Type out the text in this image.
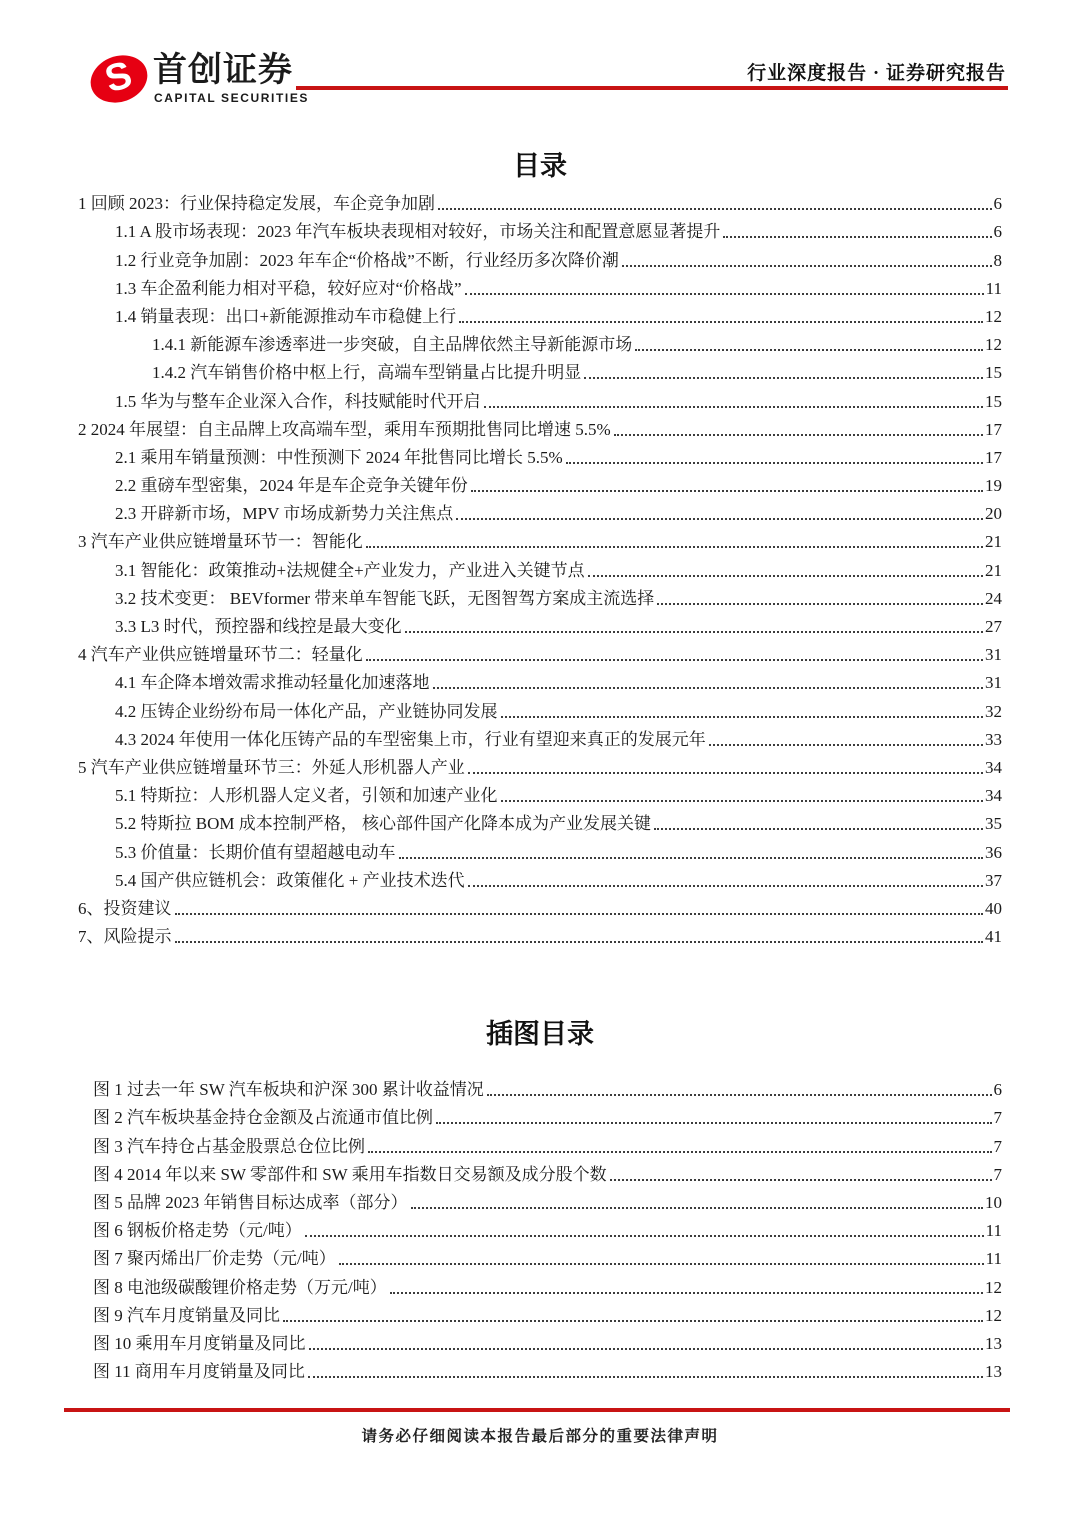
S 首创证券
CAPITAL SECURITIES
行业深度报告 · 证券研究报告
目录
1 回顾 2023：行业保持稳定发展，车企竞争加剧	6
1.1 A 股市场表现：2023 年汽车板块表现相对较好，市场关注和配置意愿显著提升	6
1.2 行业竞争加剧：2023 年车企“价格战”不断，行业经历多次降价潮	8
1.3 车企盈利能力相对平稳，较好应对“价格战”	11
1.4 销量表现：出口+新能源推动车市稳健上行	12
1.4.1 新能源车渗透率进一步突破，自主品牌依然主导新能源市场	12
1.4.2 汽车销售价格中枢上行，高端车型销量占比提升明显	15
1.5 华为与整车企业深入合作，科技赋能时代开启	15
2 2024 年展望：自主品牌上攻高端车型，乘用车预期批售同比增速 5.5%	17
2.1 乘用车销量预测：中性预测下 2024 年批售同比增长 5.5%	17
2.2 重磅车型密集，2024 年是车企竞争关键年份	19
2.3 开辟新市场，MPV 市场成新势力关注焦点	20
3 汽车产业供应链增量环节一：智能化	21
3.1 智能化：政策推动+法规健全+产业发力，产业进入关键节点	21
3.2 技术变更： BEVformer 带来单车智能飞跃，无图智驾方案成主流选择	24
3.3 L3 时代，预控器和线控是最大变化	27
4 汽车产业供应链增量环节二：轻量化	31
4.1 车企降本增效需求推动轻量化加速落地	31
4.2 压铸企业纷纷布局一体化产品，产业链协同发展	32
4.3 2024 年使用一体化压铸产品的车型密集上市，行业有望迎来真正的发展元年	33
5 汽车产业供应链增量环节三：外延人形机器人产业	34
5.1 特斯拉：人形机器人定义者，引领和加速产业化	34
5.2 特斯拉 BOM 成本控制严格， 核心部件国产化降本成为产业发展关键	35
5.3 价值量：长期价值有望超越电动车	36
5.4 国产供应链机会：政策催化 + 产业技术迭代	37
6、投资建议	40
7、风险提示	41
插图目录
图 1 过去一年 SW 汽车板块和沪深 300 累计收益情况	6
图 2 汽车板块基金持仓金额及占流通市值比例	7
图 3 汽车持仓占基金股票总仓位比例	7
图 4 2014 年以来 SW 零部件和 SW 乘用车指数日交易额及成分股个数	7
图 5 品牌 2023 年销售目标达成率（部分）	10
图 6 钢板价格走势（元/吨）	11
图 7 聚丙烯出厂价走势（元/吨）	11
图 8 电池级碳酸锂价格走势（万元/吨）	12
图 9 汽车月度销量及同比	12
图 10 乘用车月度销量及同比	13
图 11 商用车月度销量及同比	13
请务必仔细阅读本报告最后部分的重要法律声明
